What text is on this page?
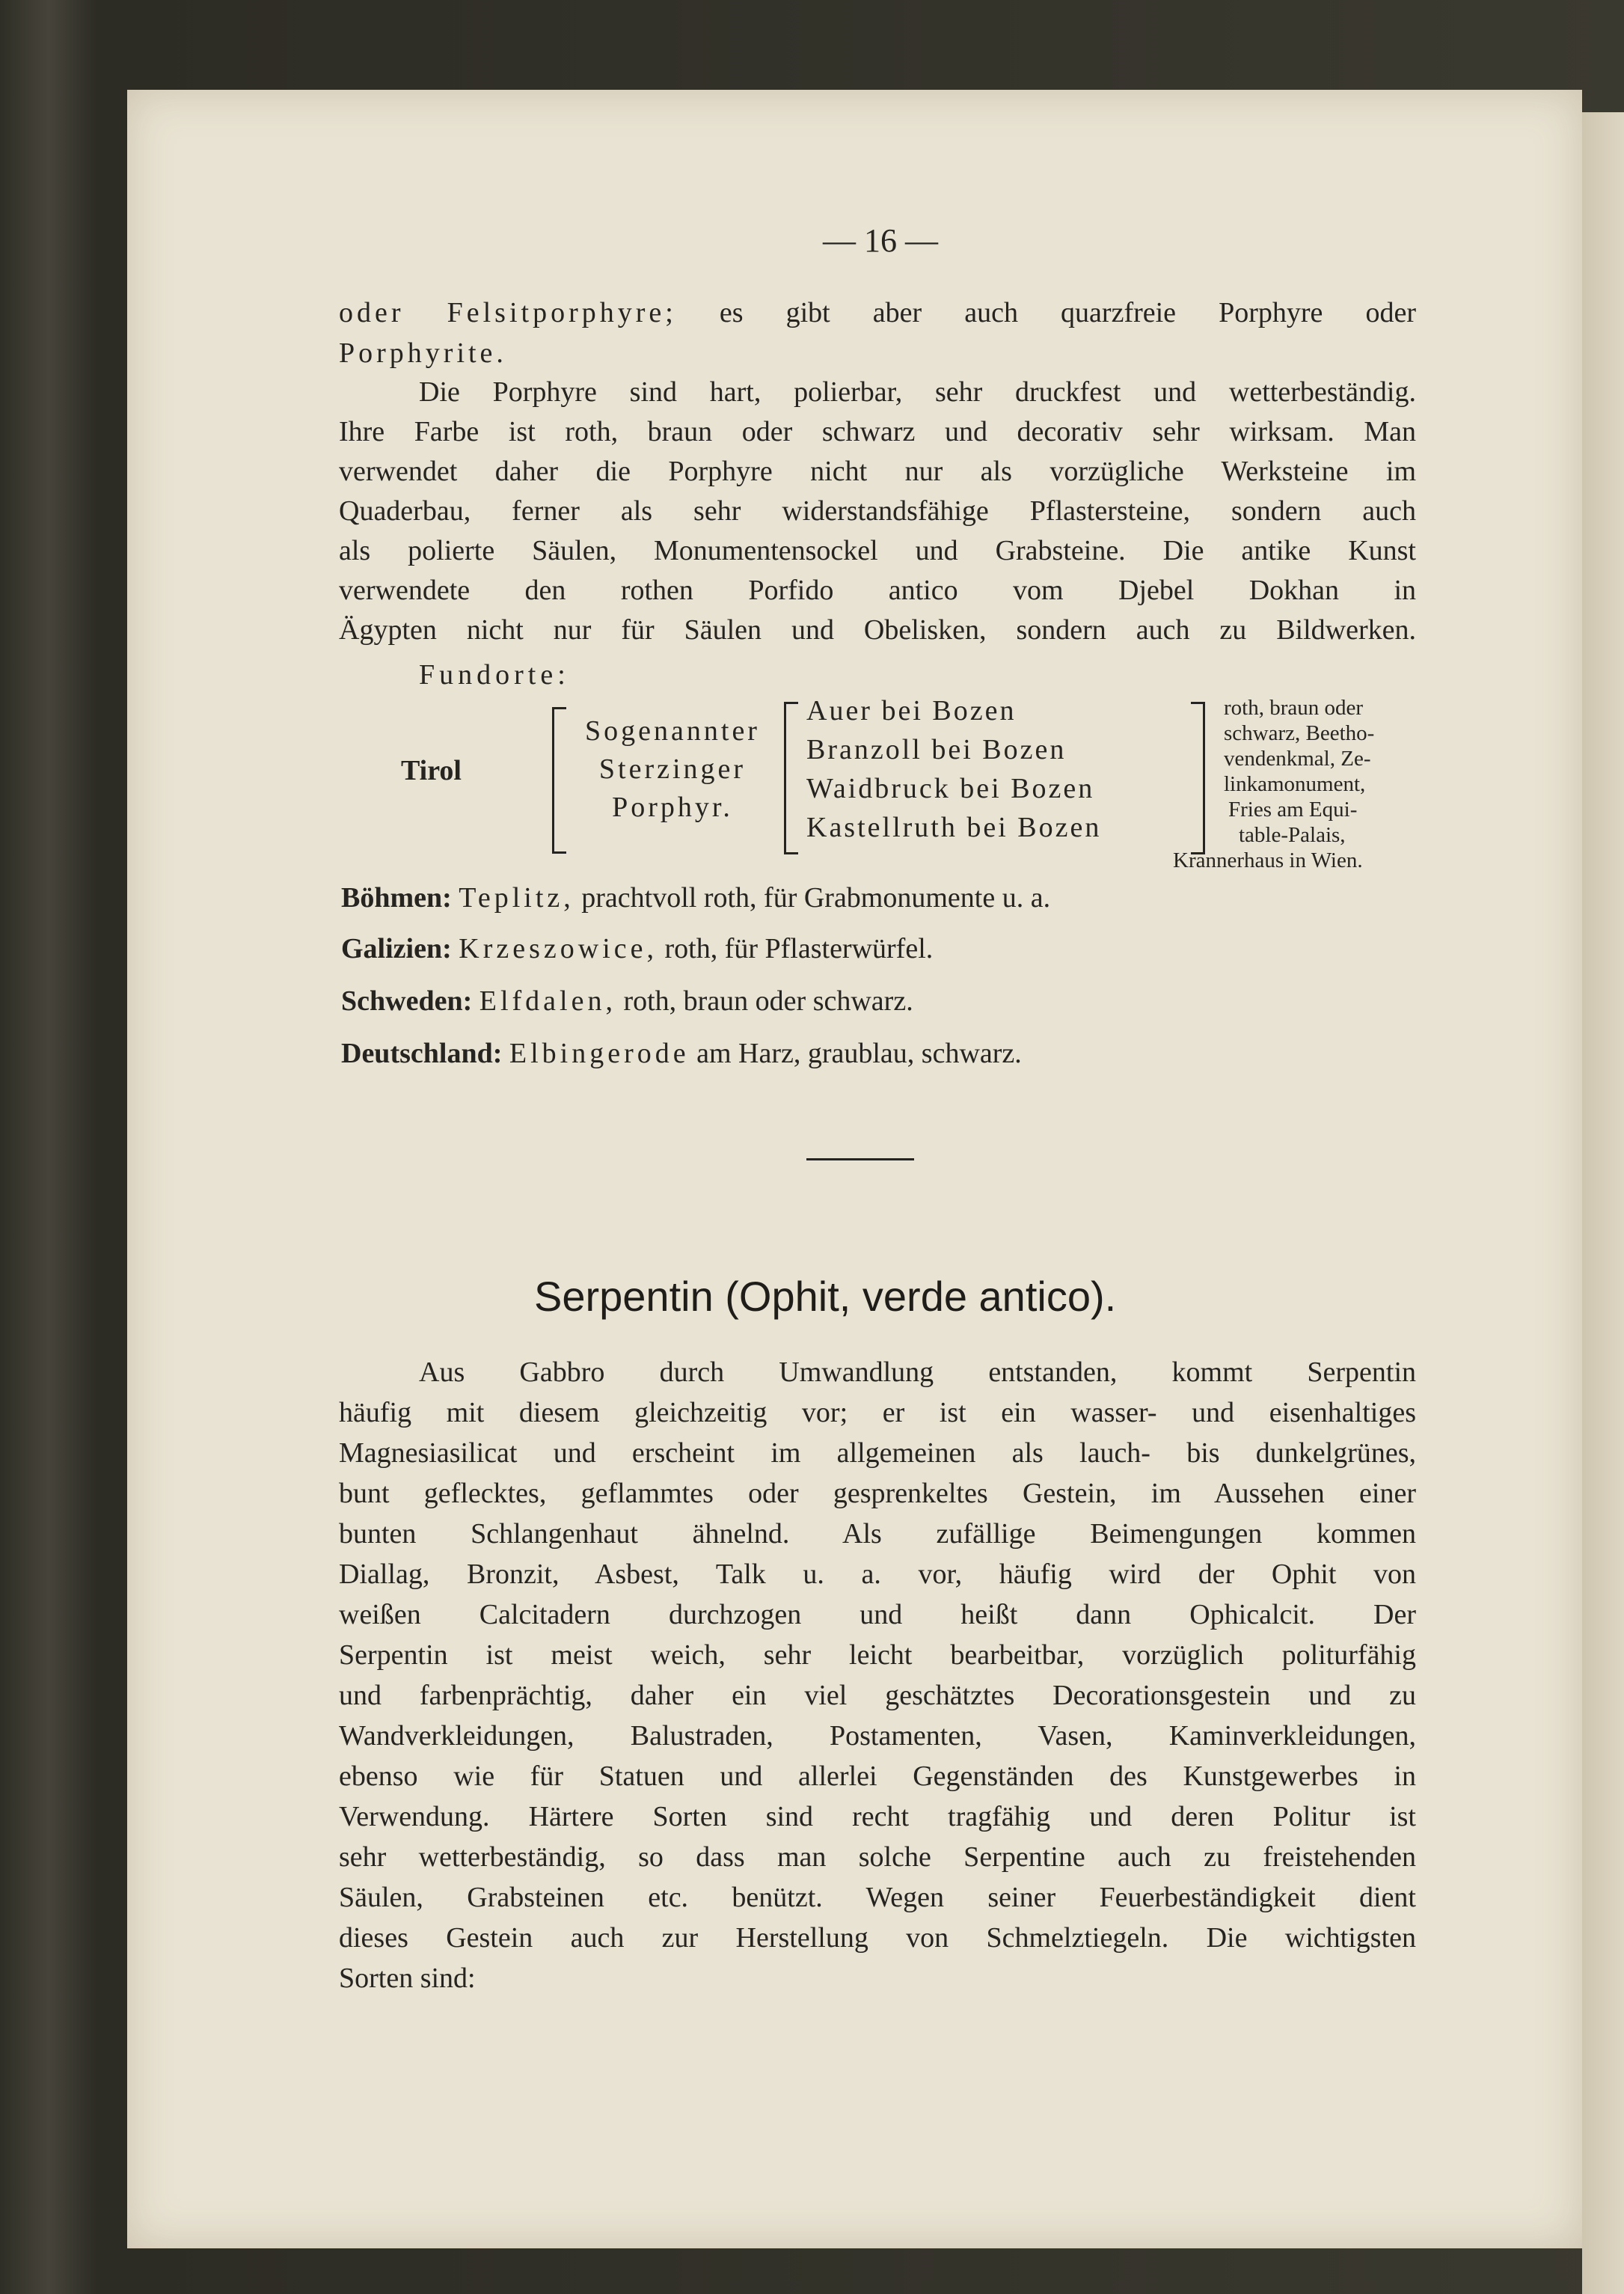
— 16 —
oder Felsitporphyre; es gibt aber auch quarzfreie Porphyre oder
Porphyrite.
Die Porphyre sind hart, polierbar, sehr druckfest und wetterbeständig.
Ihre Farbe ist roth, braun oder schwarz und decorativ sehr wirksam. Man
verwendet daher die Porphyre nicht nur als vorzügliche Werksteine im
Quaderbau, ferner als sehr widerstandsfähige Pflastersteine, sondern auch
als polierte Säulen, Monumentensockel und Grabsteine. Die antike Kunst
verwendete den rothen Porfido antico vom Djebel Dokhan in
Ägypten nicht nur für Säulen und Obelisken, sondern auch zu Bildwerken.
Fundorte:
Tirol
Sogenannter
Sterzinger
Porphyr.
Auer bei Bozen
Branzoll bei Bozen
Waidbruck bei Bozen
Kastellruth bei Bozen
roth, braun oder
schwarz, Beetho-
vendenkmal, Ze-
linkamonument,
Fries am Equi-
table-Palais,
Krannerhaus in Wien.
Böhmen: Teplitz, prachtvoll roth, für Grabmonumente u. a.
Galizien: Krzeszowice, roth, für Pflasterwürfel.
Schweden: Elfdalen, roth, braun oder schwarz.
Deutschland: Elbingerode am Harz, graublau, schwarz.
Serpentin (Ophit, verde antico).
Aus Gabbro durch Umwandlung entstanden, kommt Serpentin
häufig mit diesem gleichzeitig vor; er ist ein wasser- und eisenhaltiges
Magnesiasilicat und erscheint im allgemeinen als lauch- bis dunkelgrünes,
bunt geflecktes, geflammtes oder gesprenkeltes Gestein, im Aussehen einer
bunten Schlangenhaut ähnelnd. Als zufällige Beimengungen kommen
Diallag, Bronzit, Asbest, Talk u. a. vor, häufig wird der Ophit von
weißen Calcitadern durchzogen und heißt dann Ophicalcit. Der
Serpentin ist meist weich, sehr leicht bearbeitbar, vorzüglich politurfähig
und farbenprächtig, daher ein viel geschätztes Decorationsgestein und zu
Wandverkleidungen, Balustraden, Postamenten, Vasen, Kaminverkleidungen,
ebenso wie für Statuen und allerlei Gegenständen des Kunstgewerbes in
Verwendung. Härtere Sorten sind recht tragfähig und deren Politur ist
sehr wetterbeständig, so dass man solche Serpentine auch zu freistehenden
Säulen, Grabsteinen etc. benützt. Wegen seiner Feuerbeständigkeit dient
dieses Gestein auch zur Herstellung von Schmelztiegeln. Die wichtigsten
Sorten sind:
